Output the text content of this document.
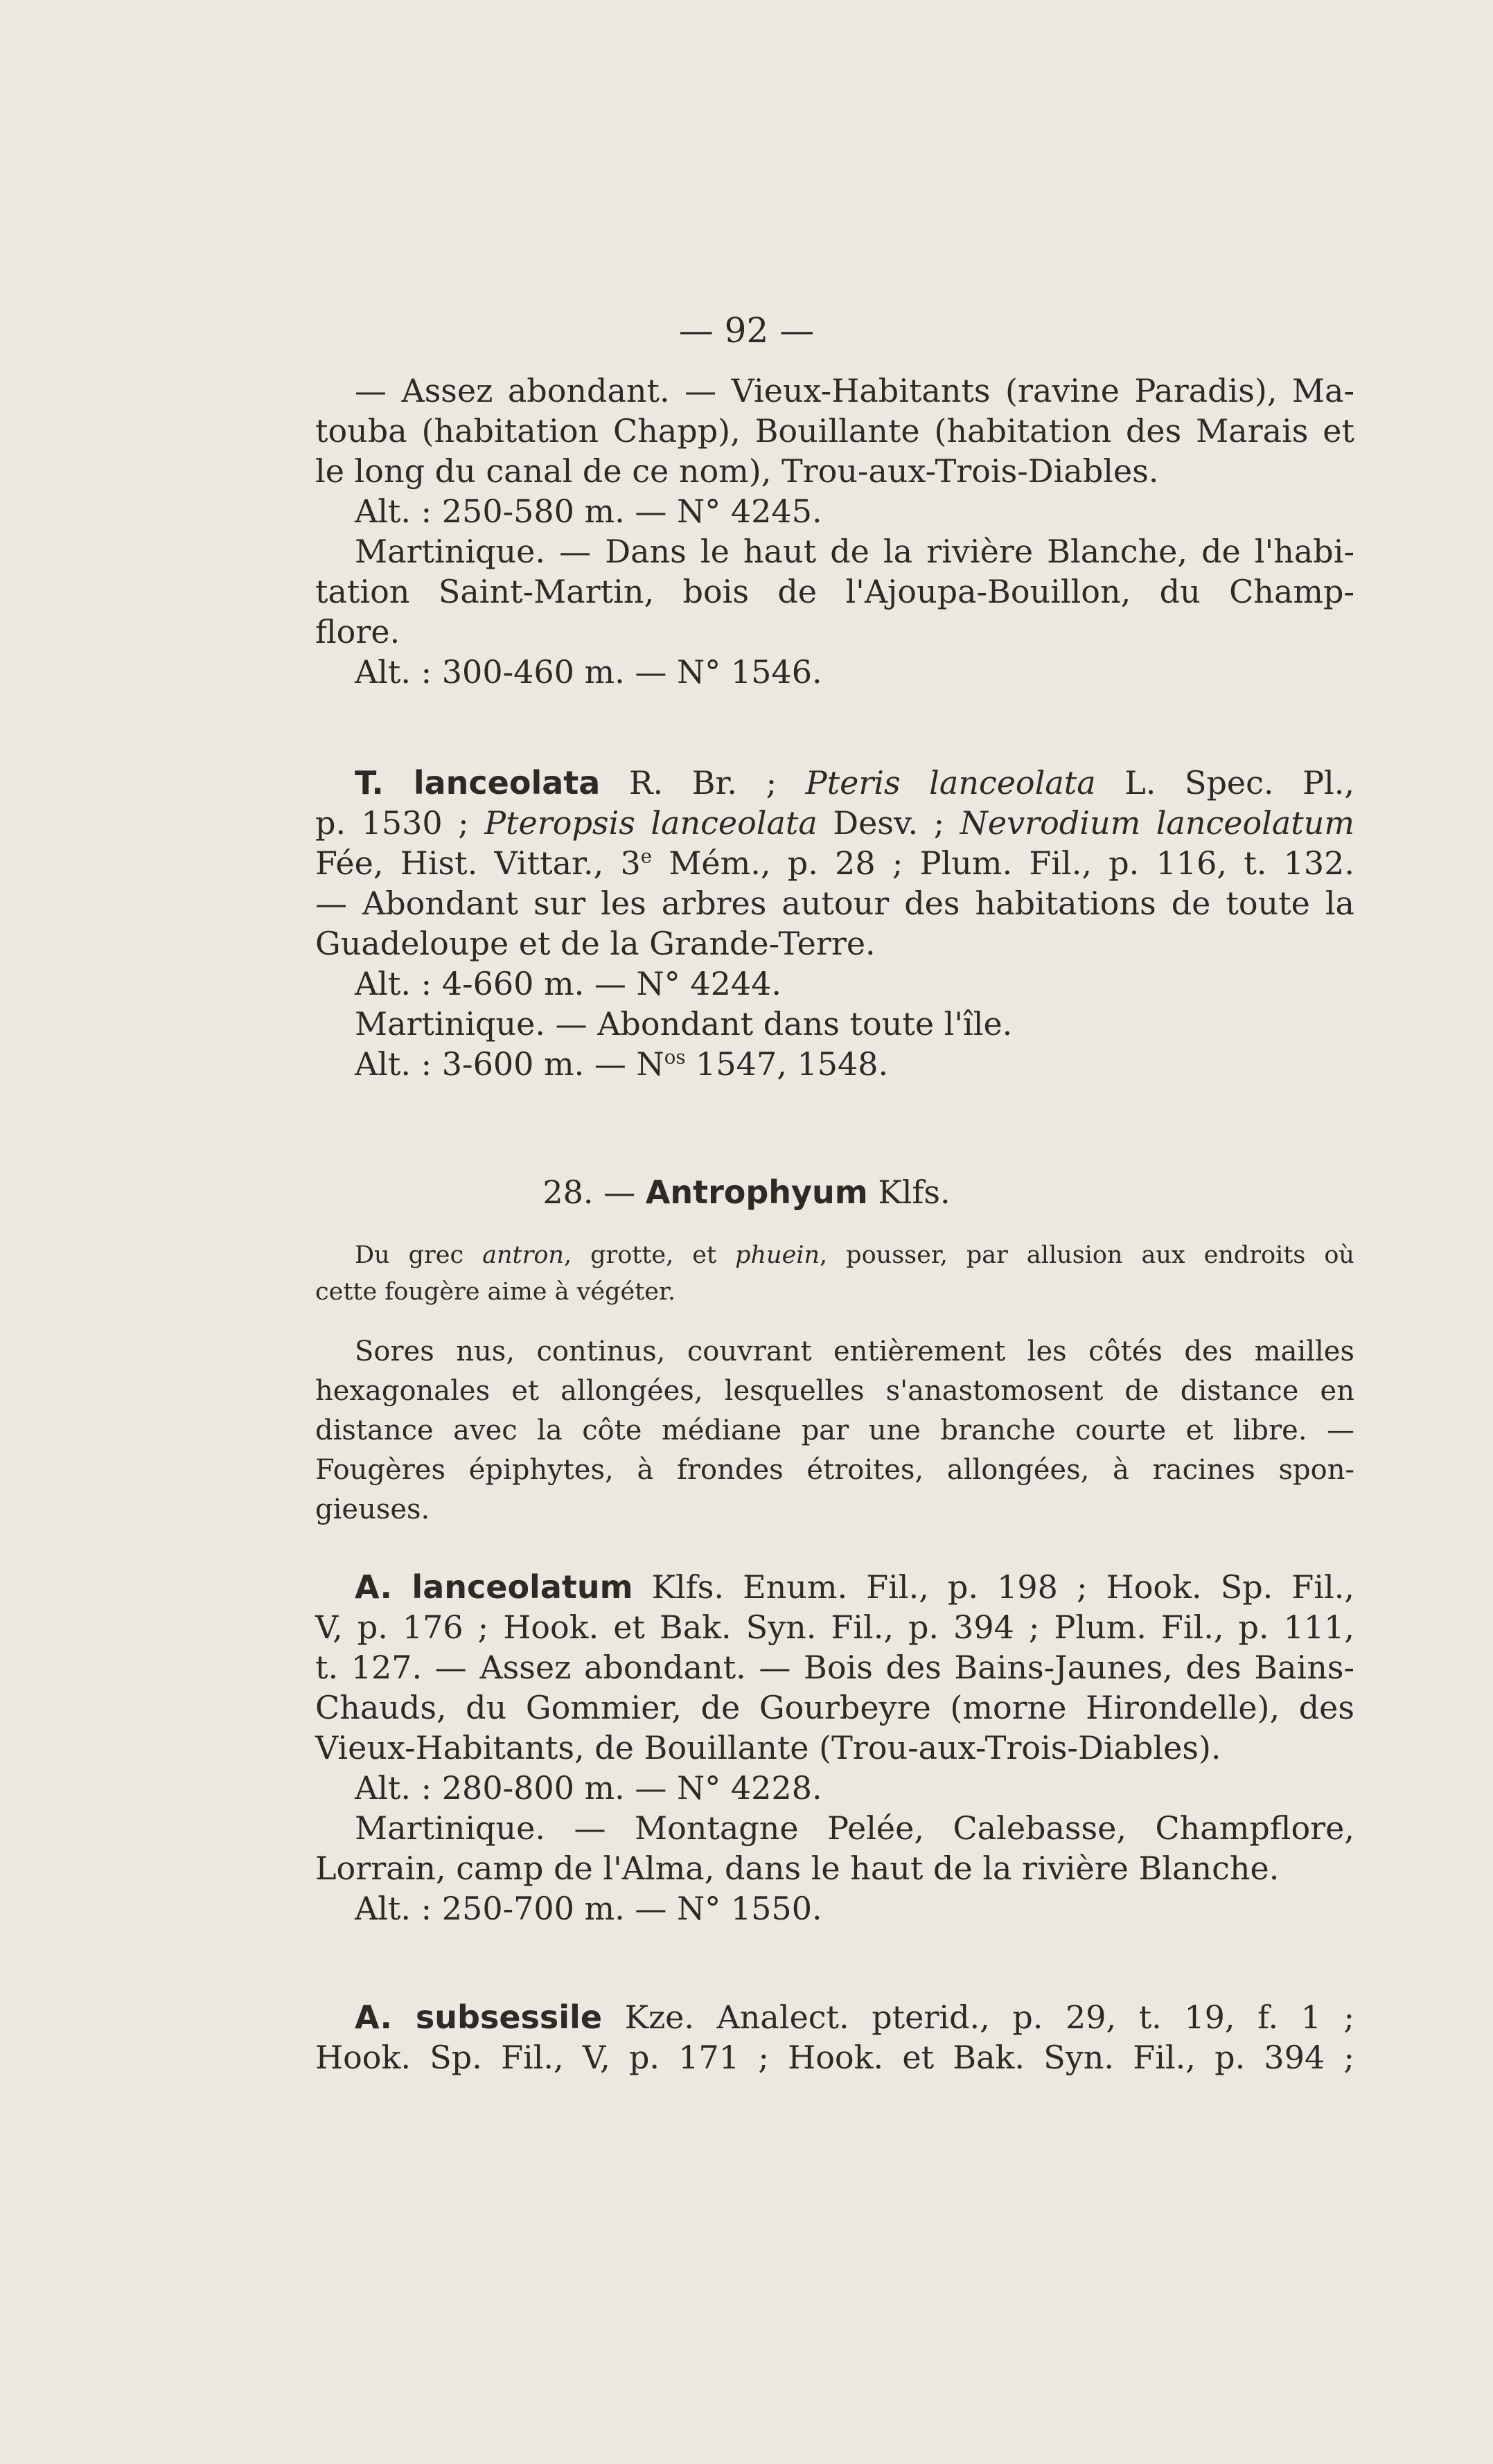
— 92 —
— Assez abondant. — Vieux-Habitants (ravine Paradis), Ma-
touba (habitation Chapp), Bouillante (habitation des Marais et
le long du canal de ce nom), Trou-aux-Trois-Diables.
Alt. : 250-580 m. — N° 4245.
Martinique. — Dans le haut de la rivière Blanche, de l'habi-
tation Saint-Martin, bois de l'Ajoupa-Bouillon, du Champ-
flore.
Alt. : 300-460 m. — N° 1546.
T. lanceolata R. Br. ; Pteris lanceolata L. Spec. Pl.,
p. 1530 ; Pteropsis lanceolata Desv. ; Nevrodium lanceolatum
Fée, Hist. Vittar., 3e Mém., p. 28 ; Plum. Fil., p. 116, t. 132.
— Abondant sur les arbres autour des habitations de toute la
Guadeloupe et de la Grande-Terre.
Alt. : 4-660 m. — N° 4244.
Martinique. — Abondant dans toute l'île.
Alt. : 3-600 m. — $N^{os}$ 1547, 1548.
28. — Antrophyum Klfs.
Du grec antron, grotte, et phuein, pousser, par allusion aux endroits où
cette fougère aime à végéter.
Sores nus, continus, couvrant entièrement les côtés des mailles
hexagonales et allongées, lesquelles s'anastomosent de distance en
distance avec la côte médiane par une branche courte et libre. —
Fougères épiphytes, à frondes étroites, allongées, à racines spon-
gieuses.
A. lanceolatum Klfs. Enum. Fil., p. 198 ; Hook. Sp. Fil.,
V, p. 176 ; Hook. et Bak. Syn. Fil., p. 394 ; Plum. Fil., p. 111,
t. 127. — Assez abondant. — Bois des Bains-Jaunes, des Bains-
Chauds, du Gommier, de Gourbeyre (morne Hirondelle), des
Vieux-Habitants, de Bouillante (Trou-aux-Trois-Diables).
Alt. : 280-800 m. — N° 4228.
Martinique. — Montagne Pelée, Calebasse, Champflore,
Lorrain, camp de l'Alma, dans le haut de la rivière Blanche.
Alt. : 250-700 m. — N° 1550.
A. subsessile Kze. Analect. pterid., p. 29, t. 19, f. 1 ;
Hook. Sp. Fil., V, p. 171 ; Hook. et Bak. Syn. Fil., p. 394 ;
